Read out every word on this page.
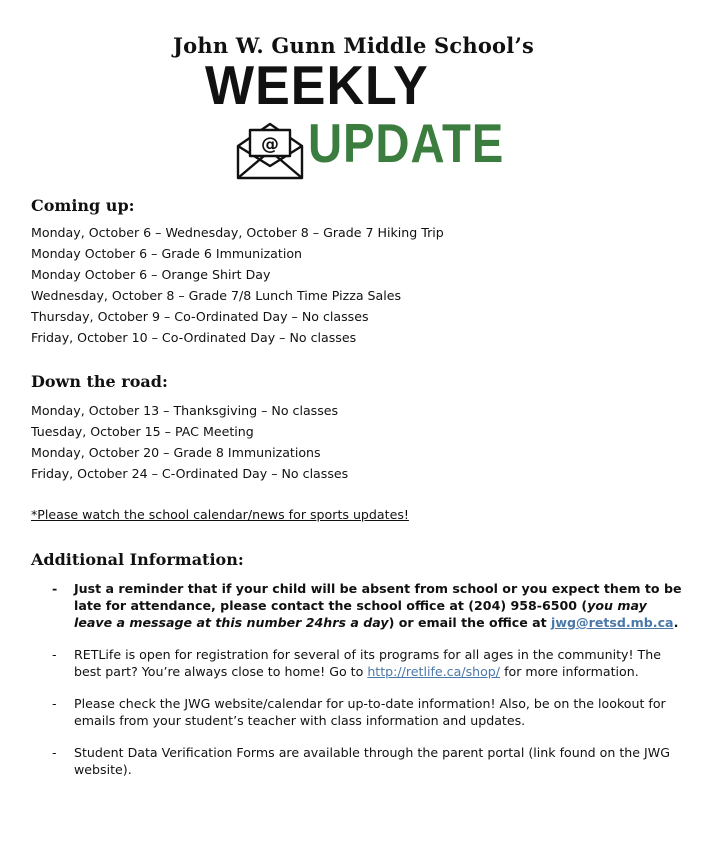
John W. Gunn Middle School’s
WEEKLY
@ UPDATE
Coming up:
Monday, October 6 – Wednesday, October 8 – Grade 7 Hiking Trip
Monday October 6 – Grade 6 Immunization
Monday October 6 – Orange Shirt Day
Wednesday, October 8 – Grade 7/8 Lunch Time Pizza Sales
Thursday, October 9 – Co-Ordinated Day – No classes
Friday, October 10 – Co-Ordinated Day – No classes
Down the road:
Monday, October 13 – Thanksgiving – No classes
Tuesday, October 15 – PAC Meeting
Monday, October 20 – Grade 8 Immunizations
Friday, October 24 – C-Ordinated Day – No classes
*Please watch the school calendar/news for sports updates!
Additional Information:
- Just a reminder that if your child will be absent from school or you expect them to be late for attendance, please contact the school office at (204) 958-6500 (you may leave a message at this number 24hrs a day) or email the office at jwg@retsd.mb.ca.
- RETLife is open for registration for several of its programs for all ages in the community! The best part? You’re always close to home! Go to http://retlife.ca/shop/ for more information.
- Please check the JWG website/calendar for up-to-date information! Also, be on the lookout for emails from your student’s teacher with class information and updates.
- Student Data Verification Forms are available through the parent portal (link found on the JWG website).
